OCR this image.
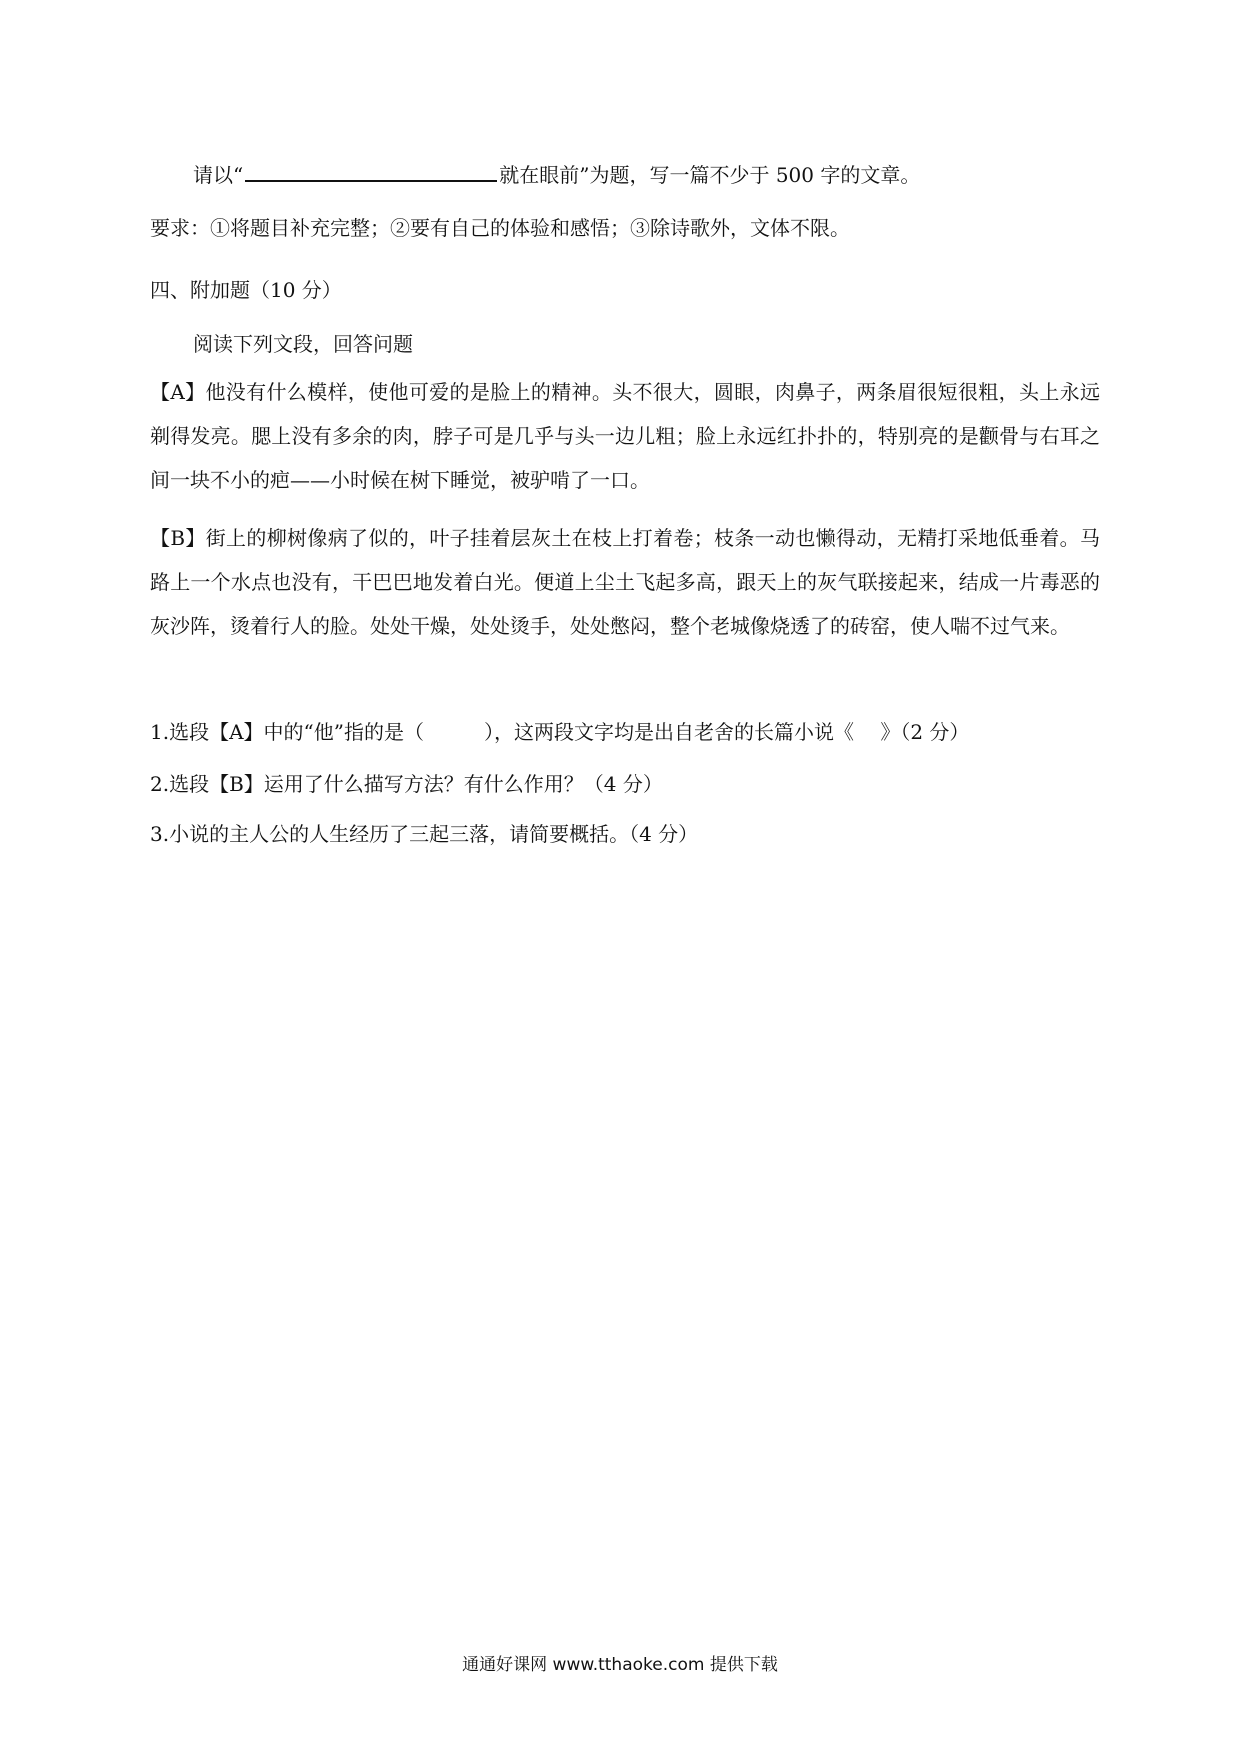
请以“	就在眼前”为题，写一篇不少于 500 字的文章。
要求：①将题目补充完整；②要有自己的体验和感悟；③除诗歌外，文体不限。
四、附加题（10 分）
阅读下列文段，回答问题
【A】他没有什么模样，使他可爱的是脸上的精神。头不很大，圆眼，肉鼻子，两条眉很短很粗，头上永远剃得发亮。腮上没有多余的肉，脖子可是几乎与头一边儿粗；脸上永远红扑扑的，特别亮的是颧骨与右耳之间一块不小的疤——小时候在树下睡觉，被驴啃了一口。
【B】街上的柳树像病了似的，叶子挂着层灰土在枝上打着卷；枝条一动也懒得动，无精打采地低垂着。马路上一个水点也没有，干巴巴地发着白光。便道上尘土飞起多高，跟天上的灰气联接起来，结成一片毒恶的灰沙阵，烫着行人的脸。处处干燥，处处烫手，处处憋闷，整个老城像烧透了的砖窑，使人喘不过气来。
1.选段【A】中的“他”指的是（　　　），这两段文字均是出自老舍的长篇小说《　 》（2 分）
2.选段【B】运用了什么描写方法？有什么作用？（4 分）
3.小说的主人公的人生经历了三起三落，请简要概括。（4 分）
通通好课网 www.tthaoke.com 提供下载
